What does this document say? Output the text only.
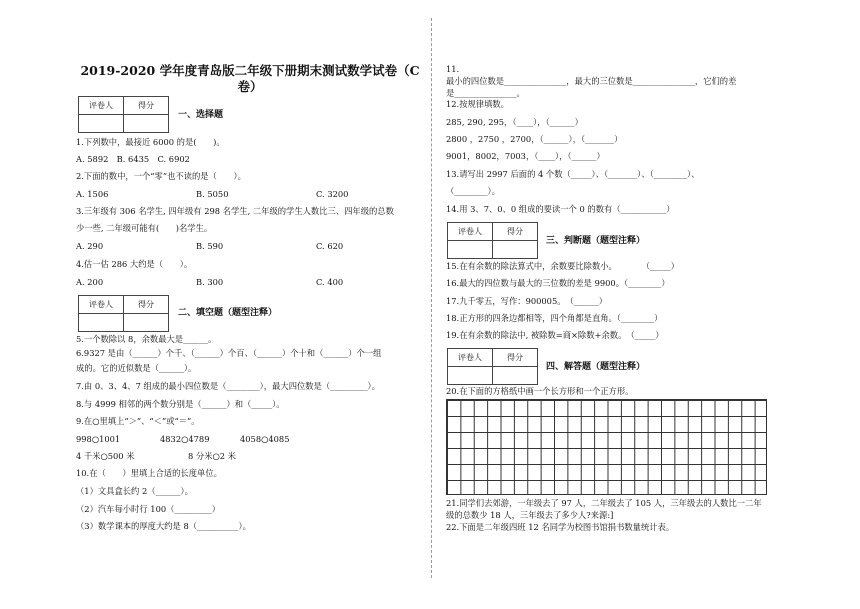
2019-2020 学年度青岛版二年级下册期末测试数学试卷（C卷）
评卷人	得分

一、选择题
1.下列数中，最接近 6000 的是(　　)。
A. 5892　B. 6435　C. 6902
2.下面的数中，一个“零”也不读的是（　　）。
A. 1506	B. 5050	C. 3200
3.三年级有 306 名学生, 四年级有 298 名学生, 二年级的学生人数比三、四年级的总数
少一些, 二年级可能有(　　)名学生。
A. 290	B. 590	C. 620
4.估一估 286 大约是（　　）。
A. 200	B. 300	C. 400
评卷人	得分

二、填空题（题型注释）
5.一个数除以 8，余数最大是______。
6.9327 是由（______）个千、（______）个百、（______）个十和（______）个一组
成的。它的近似数是（______）。
7.由 0、3、4、7 组成的最小四位数是（________），最大四位数是（_________）。
8.与 4999 相邻的两个数分别是（______）和（_____）。
9.在○里填上“＞”、“＜”或“＝”。
998○1001	4832○4789	4058○4085
4 千米○500 米	8 分米○2 米
10.在（　　）里填上合适的长度单位。
（1）文具盒长约 2（______）。
（2）汽车每小时行 100（_________）
（3）数学课本的厚度大约是 8（__________）。
11.
最小的四位数是_______________，最大的三位数是_______________，它们的差
是_______________。
12.按规律填数。
285, 290, 295，（____），（______）
2800 ，2750 ，2700，（______），（_______）
9001，8002，7003，（____），（______）
13.请写出 2997 后面的 4 个数（_____）、（_______）、（________）、
（________）。
14.用 3、7、0、0 组成的要读一个 0 的数有（___________）
评卷人	得分

三、判断题（题型注释）
15.在有余数的除法算式中，余数要比除数小。　　　　（_____）
16.最大的四位数与最大的三位数的差是 9900。（________）
17.九千零五，写作：900005。　（______）
18.正方形的四条边都相等，四个角都是直角。（________）
19.在有余数的除法中, 被除数=商×除数+余数。　（_____）
评卷人	得分

四、解答题（题型注释）
20.在下面的方格纸中画一个长方形和一个正方形。
21.同学们去郊游，一年级去了 97 人，二年级去了 105 人，三年级去的人数比一二年
级的总数少 18 人，三年级去了多少人?来源:]
22.下面是二年级四班 12 名同学为校图书馆捐书数量统计表。
